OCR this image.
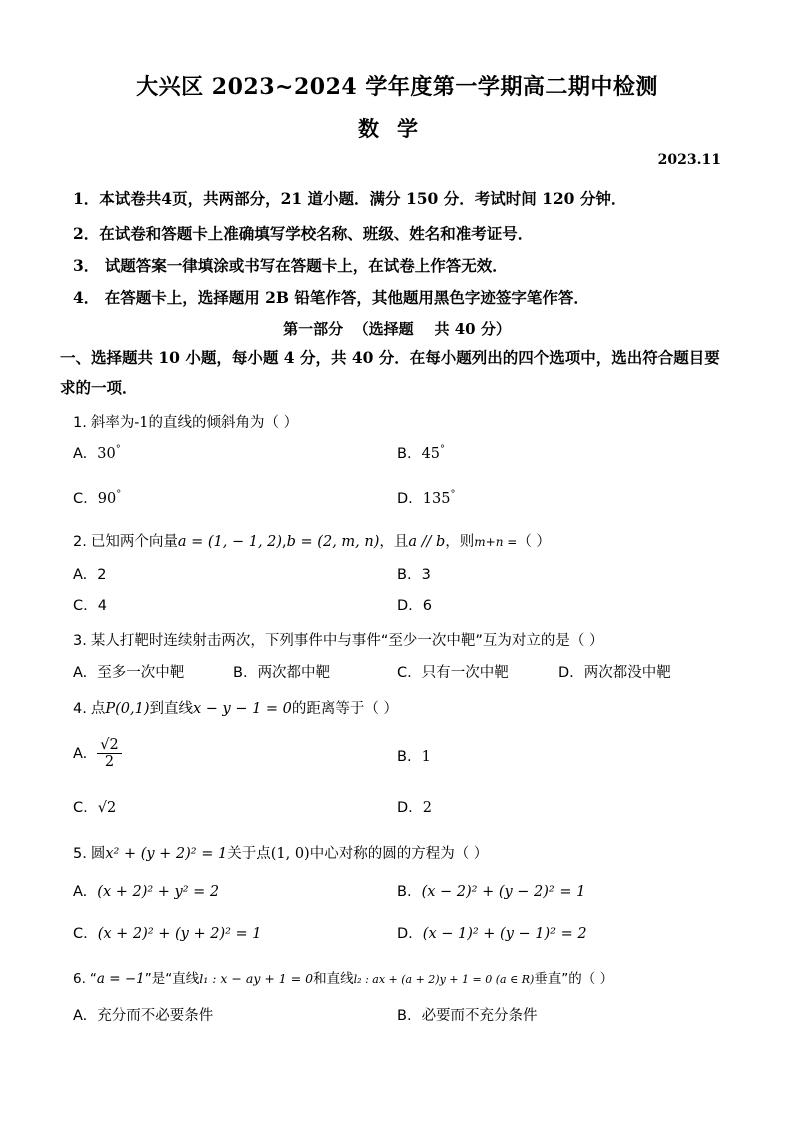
大兴区 2023~2024 学年度第一学期高二期中检测
数学
2023.11
1．本试卷共4页，共两部分，21 道小题．满分 150 分．考试时间 120 分钟．
2．在试卷和答题卡上准确填写学校名称、班级、姓名和准考证号．
3． 试题答案一律填涂或书写在答题卡上，在试卷上作答无效．
4． 在答题卡上，选择题用 2B 铅笔作答，其他题用黑色字迹签字笔作答．
第一部分  （选择题    共 40 分）
一、选择题共 10 小题，每小题 4 分，共 40 分．在每小题列出的四个选项中，选出符合题目要求的一项．
1. 斜率为-1的直线的倾斜角为（ ）
A. 30°	B. 45°
C. 90°	D. 135°
2. 已知两个向量a = (1, − 1, 2),b = (2, m, n)，且a // b，则m+n =（ ）
A. 2	B. 3
C. 4	D. 6
3. 某人打靶时连续射击两次，下列事件中与事件“至少一次中靶”互为对立的是（ ）
A. 至多一次中靶	B. 两次都中靶	C. 只有一次中靶	D. 两次都没中靶
4. 点P(0,1)到直线x − y − 1 = 0的距离等于（ ）
A. $\frac{√2}{2}$	B. 1
C. √2	D. 2
5. 圆x² + (y + 2)² = 1关于点(1, 0)中心对称的圆的方程为（ ）
A. (x + 2)² + y² = 2	B. (x − 2)² + (y − 2)² = 1
C. (x + 2)² + (y + 2)² = 1	D. (x − 1)² + (y − 1)² = 2
6. “a = −1”是“直线l₁ : x − ay + 1 = 0和直线l₂ : ax + (a + 2)y + 1 = 0 (a ∈ R)垂直”的（ ）
A. 充分而不必要条件	B. 必要而不充分条件
